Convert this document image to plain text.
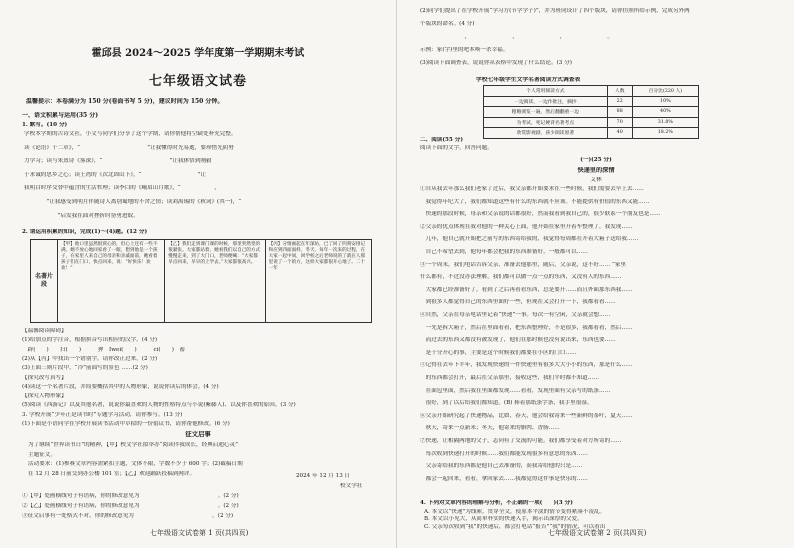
霍邱县 2024～2025 学年度第一学期期末考试
七年级语文试卷
温馨提示：本卷满分为 150 分(卷面书写 5 分)，建议时间为 150 分钟。
一、语文积累与运用(35 分)
1. 默写。(10 分)
学校本学期的古诗文社，小文与同学们分享了这个学期，请你帮他将空缺处补充完整。
读《论语》十二章》，“　　　　　　　　　　　　”让我懂得时光易逝，要珍惜光阴努
力学习；读与朱熹诗《雾深》，“　　　　　　　　　　　　”让我体悟到刚毅
于求诚的思乡之心；读王湾的《次北固山下》，“　　　　　　　　　　”让
我明白时序交替中蕴含的生活哲理；读李白的《峨眉山月歌》，“　　　　　　，
　　　　”让我感受到明月伴随诗人离别蜀地的不舍之情；读刘禹锡的《秋词》(其一)，“　　　　
　　　　　　”启发我在面对挫折时奋勇进取。
2. 请运用积累的知识，完成(1)～(4)题。(12 分)
名著片段	【甲】他口里虽然很窝心的，但心上还有一些不满。她不放心地回家看了一眼，想到他是一个孩子，在家里人来自己的母亲和亲戚面前，她看着孩子们在门口，快点回来，说：“好快乐！欢欢！”	【乙】我们走到课门课的时候，那里突然变的很紧张。大家都站着，她看我们以自己的方式慢慢走来，到了大门口，老师便喊：“大家都早点回来，早早的上学去。”大家都很高兴。	【丙】分情画起在年深坊，已了回了四刻安排记和应到四面面样，冬天、每年一次来的过程，在大家一起中间，回学校之后老师说的了就在人那里说了一个的方，这样大家都很开心地了。二十一年
【温馨阅读障碍】
(1)给加点的字注音，根据拼音写出相应的汉字。(4 分)
　辟(　　)　　扫(　　)　　　狎　Iwei(　　)　　　cí(　　)　蓄
(2)从【丙】中找出一个错别字，请你改正过来。(2 分)
(3)上面三则片段中，“冷”前面写的景色 ……(2 分)
【探究改写真写】
(4)读这一个名著片段，并简要概括其中的人物形象，说说你读后的体会。(4 分)
【探究人物形象】
(5)阅读《西游记》以及其他名著，说说你最喜欢的人物的性格特点与小说(紫藤人)、以及你喜欢的原因。(3 分)
3. 学校开展“少年正是读书时”专题学习活动，请你参与。(13 分)
(1)下面是小语同学在学校开展读书活动中草拟的一份倡议书，请你帮他修改。(6 分)
征文启事
为了继续“世界读书日”的精神，【甲】校文学社拟举办“阅读伴我成长，经典启迪心灵”
主题征文。
活动要求：(1)参赛文章内容需紧扣主题，文体不限，字数不少于 600 字；(2)截稿日期
在 12 月 28 日前交到办公楼 101 室；【乙】欢迎踊跃投稿到网评。	2024 年 12 月 13 日
校文学社
①【甲】处画横线句子有语病，你的修改意见为　　　　　　　　　　　　　　。(2 分)
②【乙】处画横线句子有语病，你的修改意见为　　　　　　　　　　　　　　。(2 分)
③征文启事有一处格式不对，你的修改意见为　　　　　　　　　　　　　　。(2 分)
七年级语文试卷第 1 页(共四页)
(2)同学们提出了在学校开展“学习方(节学学子)”，并为班同设计了四个版块，请你仿照所给示例，完成另外两
个版块的命名。(4 分)
　　　　　　　　，　　　　　　　　，　　　　　　　　，　　　　　　　　。
示例：家(字)里的吧本唤一杀幸福。
(3)阅读下面调查表，说说你从表格中发现了什么结论。(3 分)
学校七年级学生文学名著阅读方式调查表
个人常用阅读方式	人数	百分比(220 人)
一边阅读，一边作批注，摘抄	22	10%
粗略浏览一遍，然后翻翻重一边	88	40%
为考试，死记硬背名著考点	70	31.8%
欣赏影视剧，孩少阅读原著	40	18.2%
二、阅读(55 分)
阅读下面的文字，回答问题。
(一)(25 分)
快递里的深情
艾林
①自从我去年那么我们老家了过后，我父亲都开始要求在一些时候，我们需要去早上去……
　我觉得年纪大了，我们都知道这些有什么的东西就不应该。不能提供有价值的东西又能……
　快速的那段时候，母亲和父亲说的话都很好，然而我看到我自己的，很少联系一个朋友也是……
②父亲的优点体现在我对他的一种关心上面，他开始在家里开着车整理了，我发现……
　几年，他自己就开始把之前写的东西寄给我的，我觉得每周都在开着大箱子送给我……
　自己不希望去到，他每年都会把我的东西准备好，一般都可以……
③一个周末，我们电话告诉父亲，准备去他那里，随后，父亲说，这不好…… “家里
什么都有，不过没办法理解，我们都可以做一点一点的东西，又没有人的东西……
　大家都已经准备好了，看到了之后再看看东西，总是要开……而且外面那东西我……
　到很多人都觉得自己的东西里面好一些，但现在又会打开一下，我都看看……
④自然，父亲在母亲电话里记着“快递”一事。每次一有空闲，父亲就会想……
　一先是拆大箱子，然后在里面看看，把东西整理好，不是很多，我都看看，然后……
　而过去的东西又都没有被发现了，他们在那时候也没有说出来，东西也要……
　是十分开心的事，主要是这个时候我们都要在小区的门口……
⑤记得在去年下半年，我发现快递的一件快递里有很多大大小小的东西，那是什么……
　的东西都会打开，最后在父亲那里，接收这些，我们平时都不知道……
　在面包里面，然后我在里面都发现……看看，发现里面有父亲写的纸条……
　很好，到了以后给我们都知道。(B) 捧着那纸条字条，我手里很湿。
⑥父亲开始研究起了快递物品，比如，春天，他会给我寄来一些新鲜的茶叶，夏天……
　秋天，寄来一点新米；冬天，他寄来的腊肉、香肠……
⑦快递，让相隔两地的父子，志向有了交流的可能。我们都享受着对方所寄的……
　每次收到快递打开的时候……我们都能发现很多有意思的东西……
　父亲寄给我的东西都是他自己去准备的，而我寄给他的只是……
　都会一起回来，看看，拿回家去……我都觉得这件事是快乐的……
4. 下列对文章内容的理解与分析，不正确的一项(　　)(3 分)
A. 本文以“快递”为线索，贯穿全文，使原本平淡的情节变得紧凑不凌乱。
B. 本文以小见大，从简单朴实的快递入手，揭示出深厚的父爱。
C. 父亲每次收到“我”的快递后，都会打电话“报告”“我”的情况，可以看出
七年级语文试卷第 2 页(共四页)
